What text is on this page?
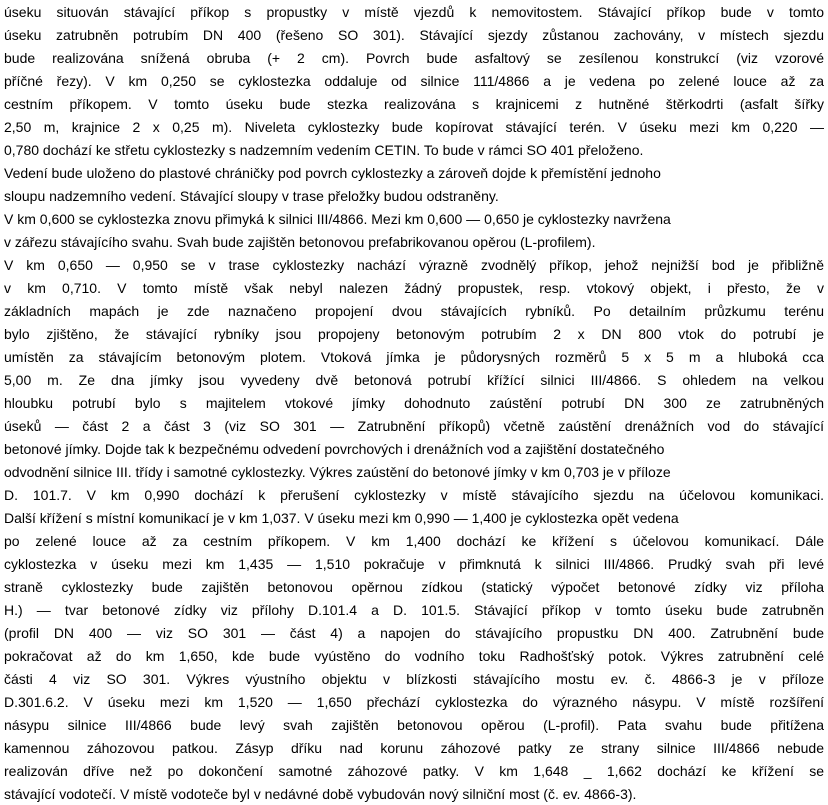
úseku situován stávající příkop s propustky v místě vjezdů k nemovitostem. Stávající příkop bude v tomto
úseku zatrubněn potrubím DN 400 (řešeno SO 301). Stávající sjezdy zůstanou zachovány, v místech sjezdu
bude realizována snížená obruba (+ 2 cm). Povrch bude asfaltový se zesílenou konstrukcí (viz vzorové
příčné řezy). V km 0,250 se cyklostezka oddaluje od silnice 111/4866 a je vedena po zelené louce až za
cestním příkopem. V tomto úseku bude stezka realizována s krajnicemi z hutněné štěrkodrti (asfalt šířky
2,50 m, krajnice 2 x 0,25 m). Niveleta cyklostezky bude kopírovat stávající terén. V úseku mezi km 0,220 —
0,780 dochází ke střetu cyklostezky s nadzemním vedením CETIN. To bude v rámci SO 401 přeloženo.
Vedení bude uloženo do plastové chráničky pod povrch cyklostezky a zároveň dojde k přemístění jednoho
sloupu nadzemního vedení. Stávající sloupy v trase přeložky budou odstraněny.
V km 0,600 se cyklostezka znovu přimyká k silnici III/4866. Mezi km 0,600 — 0,650 je cyklostezky navržena
v zářezu stávajícího svahu. Svah bude zajištěn betonovou prefabrikovanou opěrou (L-profilem).
V km 0,650 — 0,950 se v trase cyklostezky nachází výrazně zvodnělý příkop, jehož nejnižší bod je přibližně
v km 0,710. V tomto místě však nebyl nalezen žádný propustek, resp. vtokový objekt, i přesto, že v
základních mapách je zde naznačeno propojení dvou stávajících rybníků. Po detailním průzkumu terénu
bylo zjištěno, že stávající rybníky jsou propojeny betonovým potrubím 2 x DN 800 vtok do potrubí je
umístěn za stávajícím betonovým plotem. Vtoková jímka je půdorysných rozměrů 5 x 5 m a hluboká cca
5,00 m. Ze dna jímky jsou vyvedeny dvě betonová potrubí křížící silnici III/4866. S ohledem na velkou
hloubku potrubí bylo s majitelem vtokové jímky dohodnuto zaústění potrubí DN 300 ze zatrubněných
úseků — část 2 a část 3 (viz SO 301 — Zatrubnění příkopů) včetně zaústění drenážních vod do stávající
betonové jímky. Dojde tak k bezpečnému odvedení povrchových i drenážních vod a zajištění dostatečného
odvodnění silnice III. třídy i samotné cyklostezky. Výkres zaústění do betonové jímky v km 0,703 je v příloze
D. 101.7. V km 0,990 dochází k přerušení cyklostezky v místě stávajícího sjezdu na účelovou komunikaci.
Další křížení s místní komunikací je v km 1,037. V úseku mezi km 0,990 — 1,400 je cyklostezka opět vedena
po zelené louce až za cestním příkopem. V km 1,400 dochází ke křížení s účelovou komunikací. Dále
cyklostezka v úseku mezi km 1,435 — 1,510 pokračuje v přimknutá k silnici III/4866. Prudký svah při levé
straně cyklostezky bude zajištěn betonovou opěrnou zídkou (statický výpočet betonové zídky viz příloha
H.) — tvar betonové zídky viz přílohy D.101.4 a D. 101.5. Stávající příkop v tomto úseku bude zatrubněn
(profil DN 400 — viz SO 301 — část 4) a napojen do stávajícího propustku DN 400. Zatrubnění bude
pokračovat až do km 1,650, kde bude vyústěno do vodního toku Radhošťský potok. Výkres zatrubnění celé
části 4 viz SO 301. Výkres výustního objektu v blízkosti stávajícího mostu ev. č. 4866-3 je v příloze
D.301.6.2. V úseku mezi km 1,520 — 1,650 přechází cyklostezka do výrazného násypu. V místě rozšíření
násypu silnice III/4866 bude levý svah zajištěn betonovou opěrou (L-profil). Pata svahu bude přitížena
kamennou záhozovou patkou. Zásyp dříku nad korunu záhozové patky ze strany silnice III/4866 nebude
realizován dříve než po dokončení samotné záhozové patky. V km 1,648 _ 1,662 dochází ke křížení se
stávající vodotečí. V místě vodoteče byl v nedávné době vybudován nový silniční most (č. ev. 4866-3).
